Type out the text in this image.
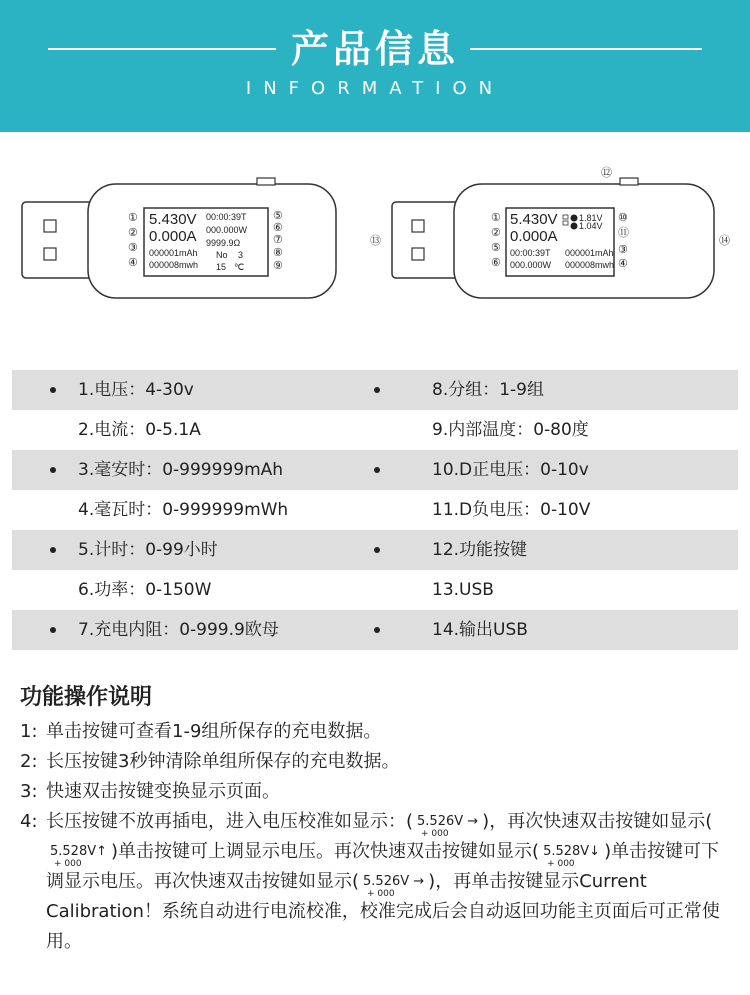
产品信息
INFORMATION
①
②
③
④
⑤
⑥
⑦
⑧
⑨
5.430V
0.000A
000001mAh
000008mwh
00:00:39T
000.000W
9999.9Ω
No 3
15 ℃
⑫
⑬	⑭
①
②
⑤
⑥
⑩
⑪
③
④
5.430V
0.000A
00:00:39T
000.000W
1.81V
1.04V
000001mAh
000008mwh
1.电压：4-30v	8.分组：1-9组
2.电流：0-5.1A	9.内部温度：0-80度
3.毫安时：0-999999mAh	10.D正电压：0-10v
4.毫瓦时：0-999999mWh	11.D负电压：0-10V
5.计时：0-99小时	12.功能按键
6.功率：0-150W	13.USB
7.充电内阻：0-999.9欧母	14.输出USB
功能操作说明
1: 单击按键可查看1-9组所保存的充电数据。
2: 长压按键3秒钟清除单组所保存的充电数据。
3: 快速双击按键变换显示页面。
4: 长压按键不放再插电，进入电压校准如显示：( 5.526V →
+ 000
)，再次快速双击按键如显示(5.528V↑
+ 000
)单击按键可上调显示电压。再次快速双击按键如显示( 5.528V↓
+ 000
)单击按键可下调显示电压。再次快速双击按键如显示( 5.526V →
+ 000
)，再单击按键显示Current Calibration！系统自动进行电流校准，校准完成后会自动返回功能主页面后可正常使用。
